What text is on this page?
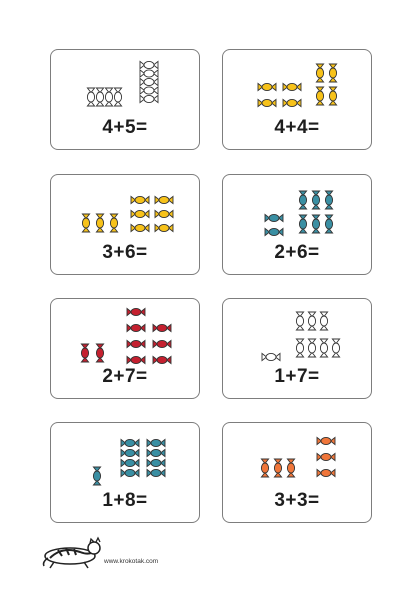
4+5=	4+4=
3+6=	2+6=
2+7=	1+7=
1+8=	3+3=
www.krokotak.com
